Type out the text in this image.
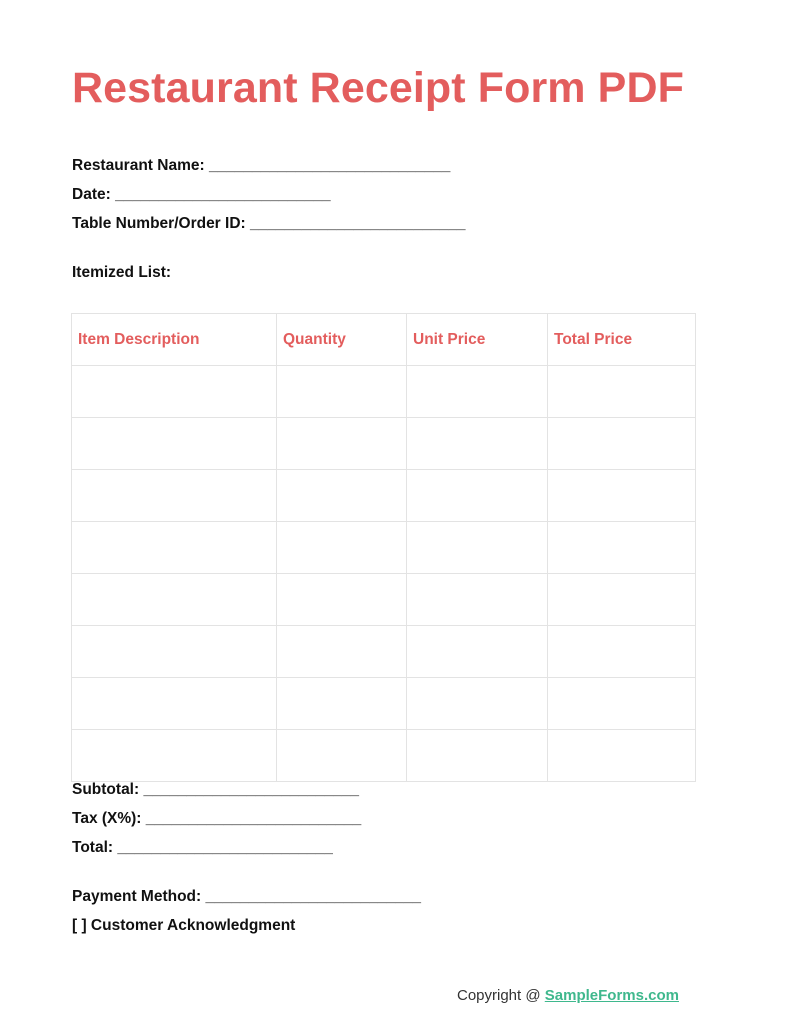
Restaurant Receipt Form PDF
Restaurant Name: ____________________________
Date: _________________________
Table Number/Order ID: _________________________
Itemized List:
Item Description	Quantity	Unit Price	Total Price

Subtotal: _________________________
Tax (X%): _________________________
Total: _________________________
Payment Method: _________________________
[ ] Customer Acknowledgment
Copyright @ SampleForms.com
